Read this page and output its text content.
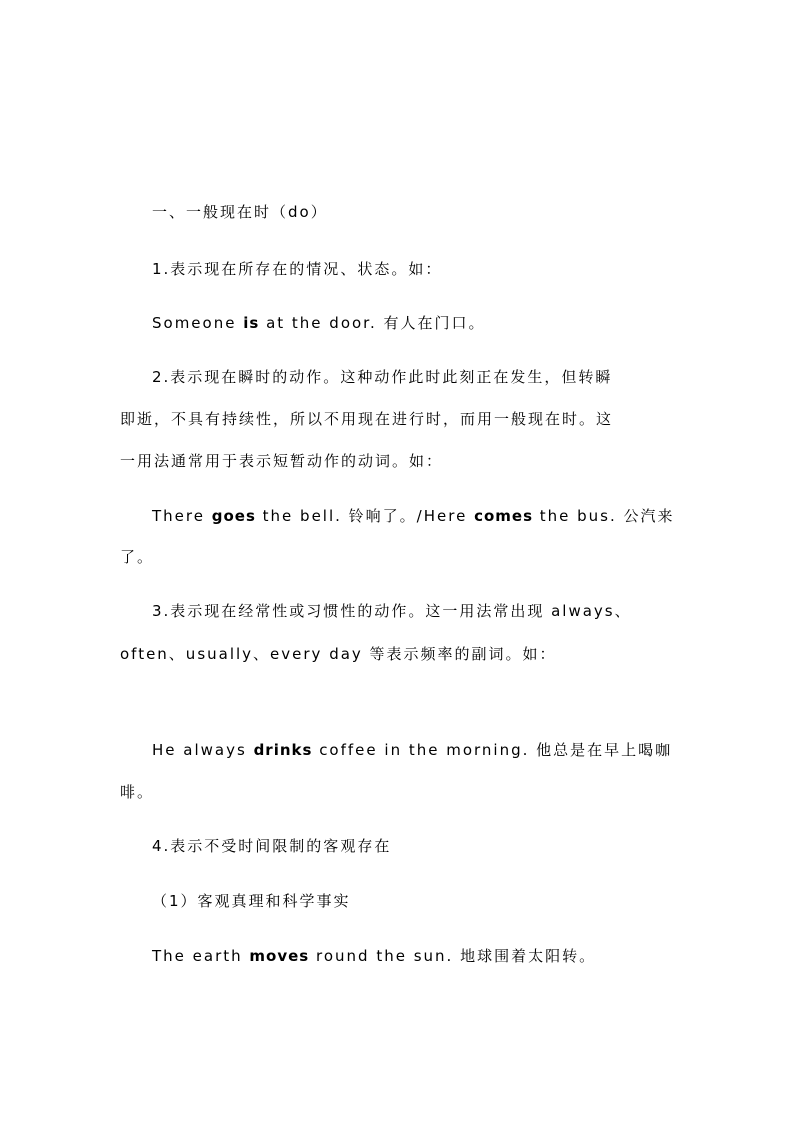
一、一般现在时（do）
1.表示现在所存在的情况、状态。如：
Someone is at the door. 有人在门口。
2.表示现在瞬时的动作。这种动作此时此刻正在发生，但转瞬
即逝，不具有持续性，所以不用现在进行时，而用一般现在时。这
一用法通常用于表示短暂动作的动词。如：
There goes the bell. 铃响了。/Here comes the bus. 公汽来
了。
3.表示现在经常性或习惯性的动作。这一用法常出现 always、
often、usually、every day 等表示频率的副词。如：
He always drinks coffee in the morning. 他总是在早上喝咖
啡。
4.表示不受时间限制的客观存在
（1）客观真理和科学事实
The earth moves round the sun. 地球围着太阳转。
